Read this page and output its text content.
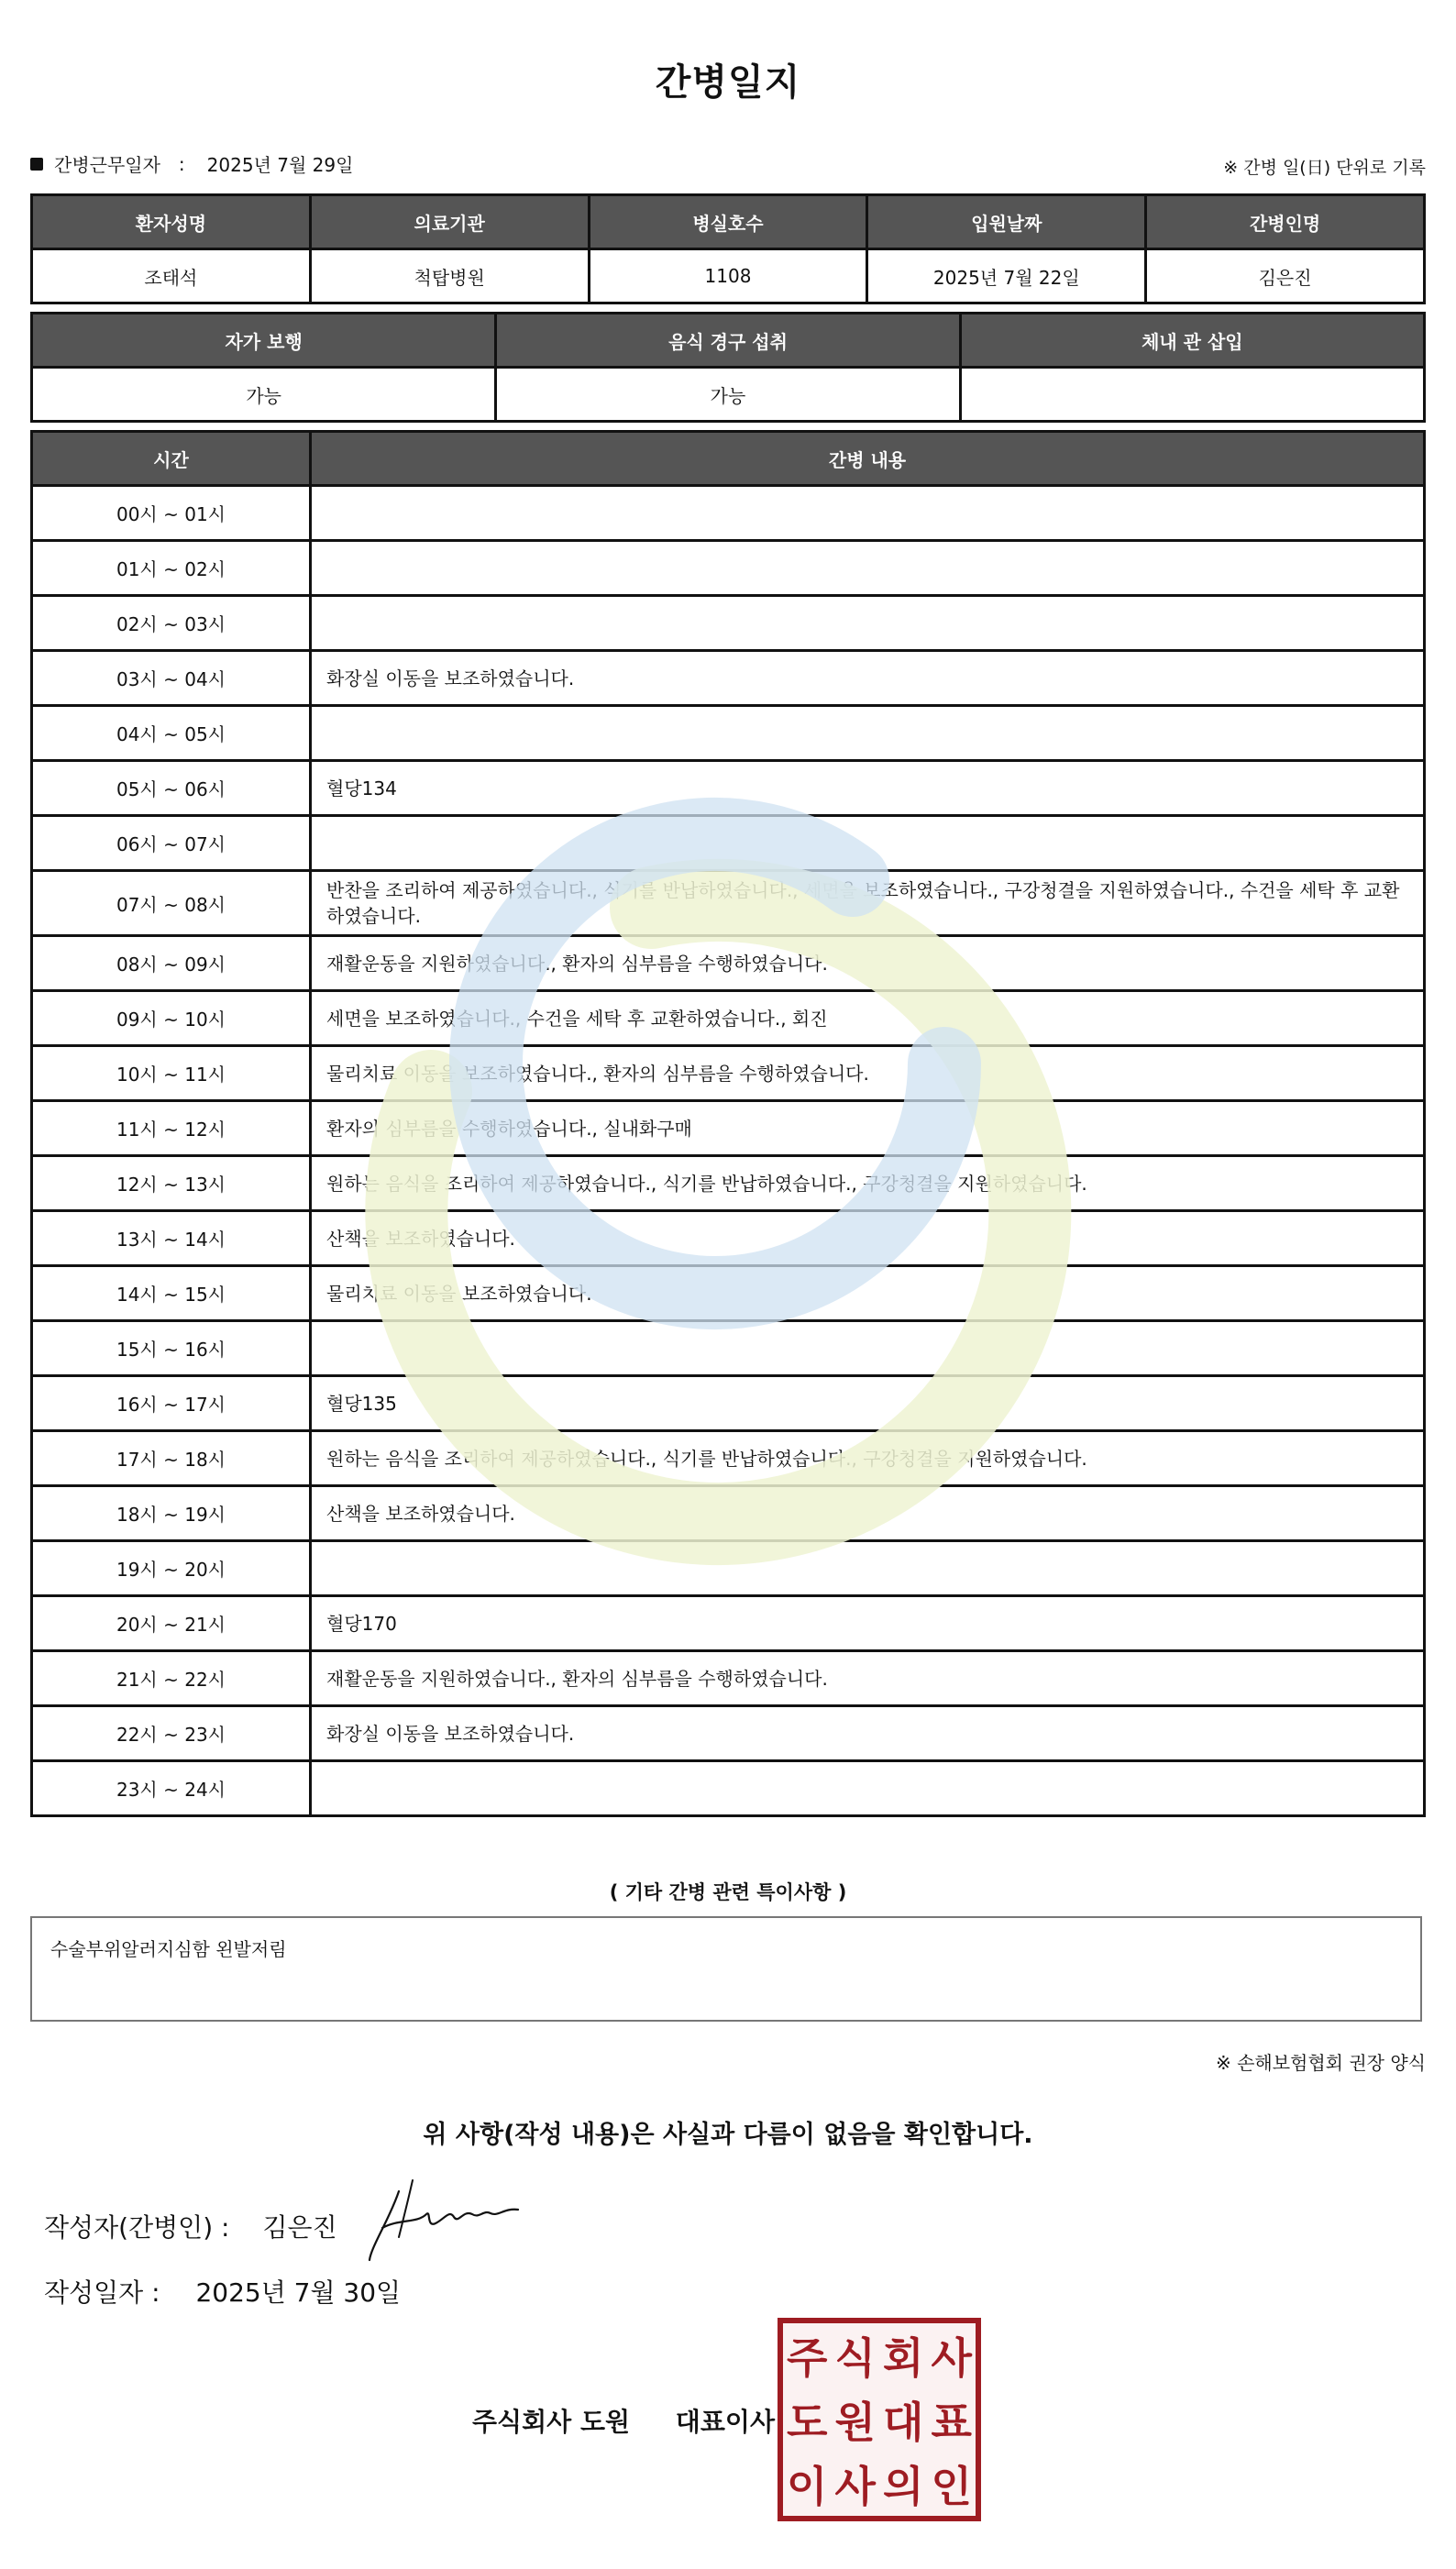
간병일지
간병근무일자 : 2025년 7월 29일	※ 간병 일(日) 단위로 기록
환자성명	의료기관	병실호수	입원날짜	간병인명
조태석	척탑병원	1108	2025년 7월 22일	김은진
자가 보행	음식 경구 섭취	체내 관 삽입
가능	가능	
시간	간병 내용
00시 ~ 01시	
01시 ~ 02시	
02시 ~ 03시	
03시 ~ 04시	화장실 이동을 보조하였습니다.
04시 ~ 05시	
05시 ~ 06시	혈당134
06시 ~ 07시	
07시 ~ 08시	반찬을 조리하여 제공하였습니다., 식기를 반납하였습니다., 세면을 보조하였습니다., 구강청결을 지원하였습니다., 수건을 세탁 후 교환하였습니다.
08시 ~ 09시	재활운동을 지원하였습니다., 환자의 심부름을 수행하였습니다.
09시 ~ 10시	세면을 보조하였습니다., 수건을 세탁 후 교환하였습니다., 회진
10시 ~ 11시	물리치료 이동을 보조하였습니다., 환자의 심부름을 수행하였습니다.
11시 ~ 12시	환자의 심부름을 수행하였습니다., 실내화구매
12시 ~ 13시	원하는 음식을 조리하여 제공하였습니다., 식기를 반납하였습니다., 구강청결을 지원하였습니다.
13시 ~ 14시	산책을 보조하였습니다.
14시 ~ 15시	물리치료 이동을 보조하였습니다.
15시 ~ 16시	
16시 ~ 17시	혈당135
17시 ~ 18시	원하는 음식을 조리하여 제공하였습니다., 식기를 반납하였습니다., 구강청결을 지원하였습니다.
18시 ~ 19시	산책을 보조하였습니다.
19시 ~ 20시	
20시 ~ 21시	혈당170
21시 ~ 22시	재활운동을 지원하였습니다., 환자의 심부름을 수행하였습니다.
22시 ~ 23시	화장실 이동을 보조하였습니다.
23시 ~ 24시	
( 기타 간병 관련 특이사항 )
수술부위알러지심함 왼발저림
※ 손해보험협회 권장 양식
위 사항(작성 내용)은 사실과 다름이 없음을 확인합니다.
작성자(간병인) : 김은진
작성일자 : 2025년 7월 30일
주식회사 도원 대표이사
주 식 회 사
도 원 대 표
이 사 의 인
